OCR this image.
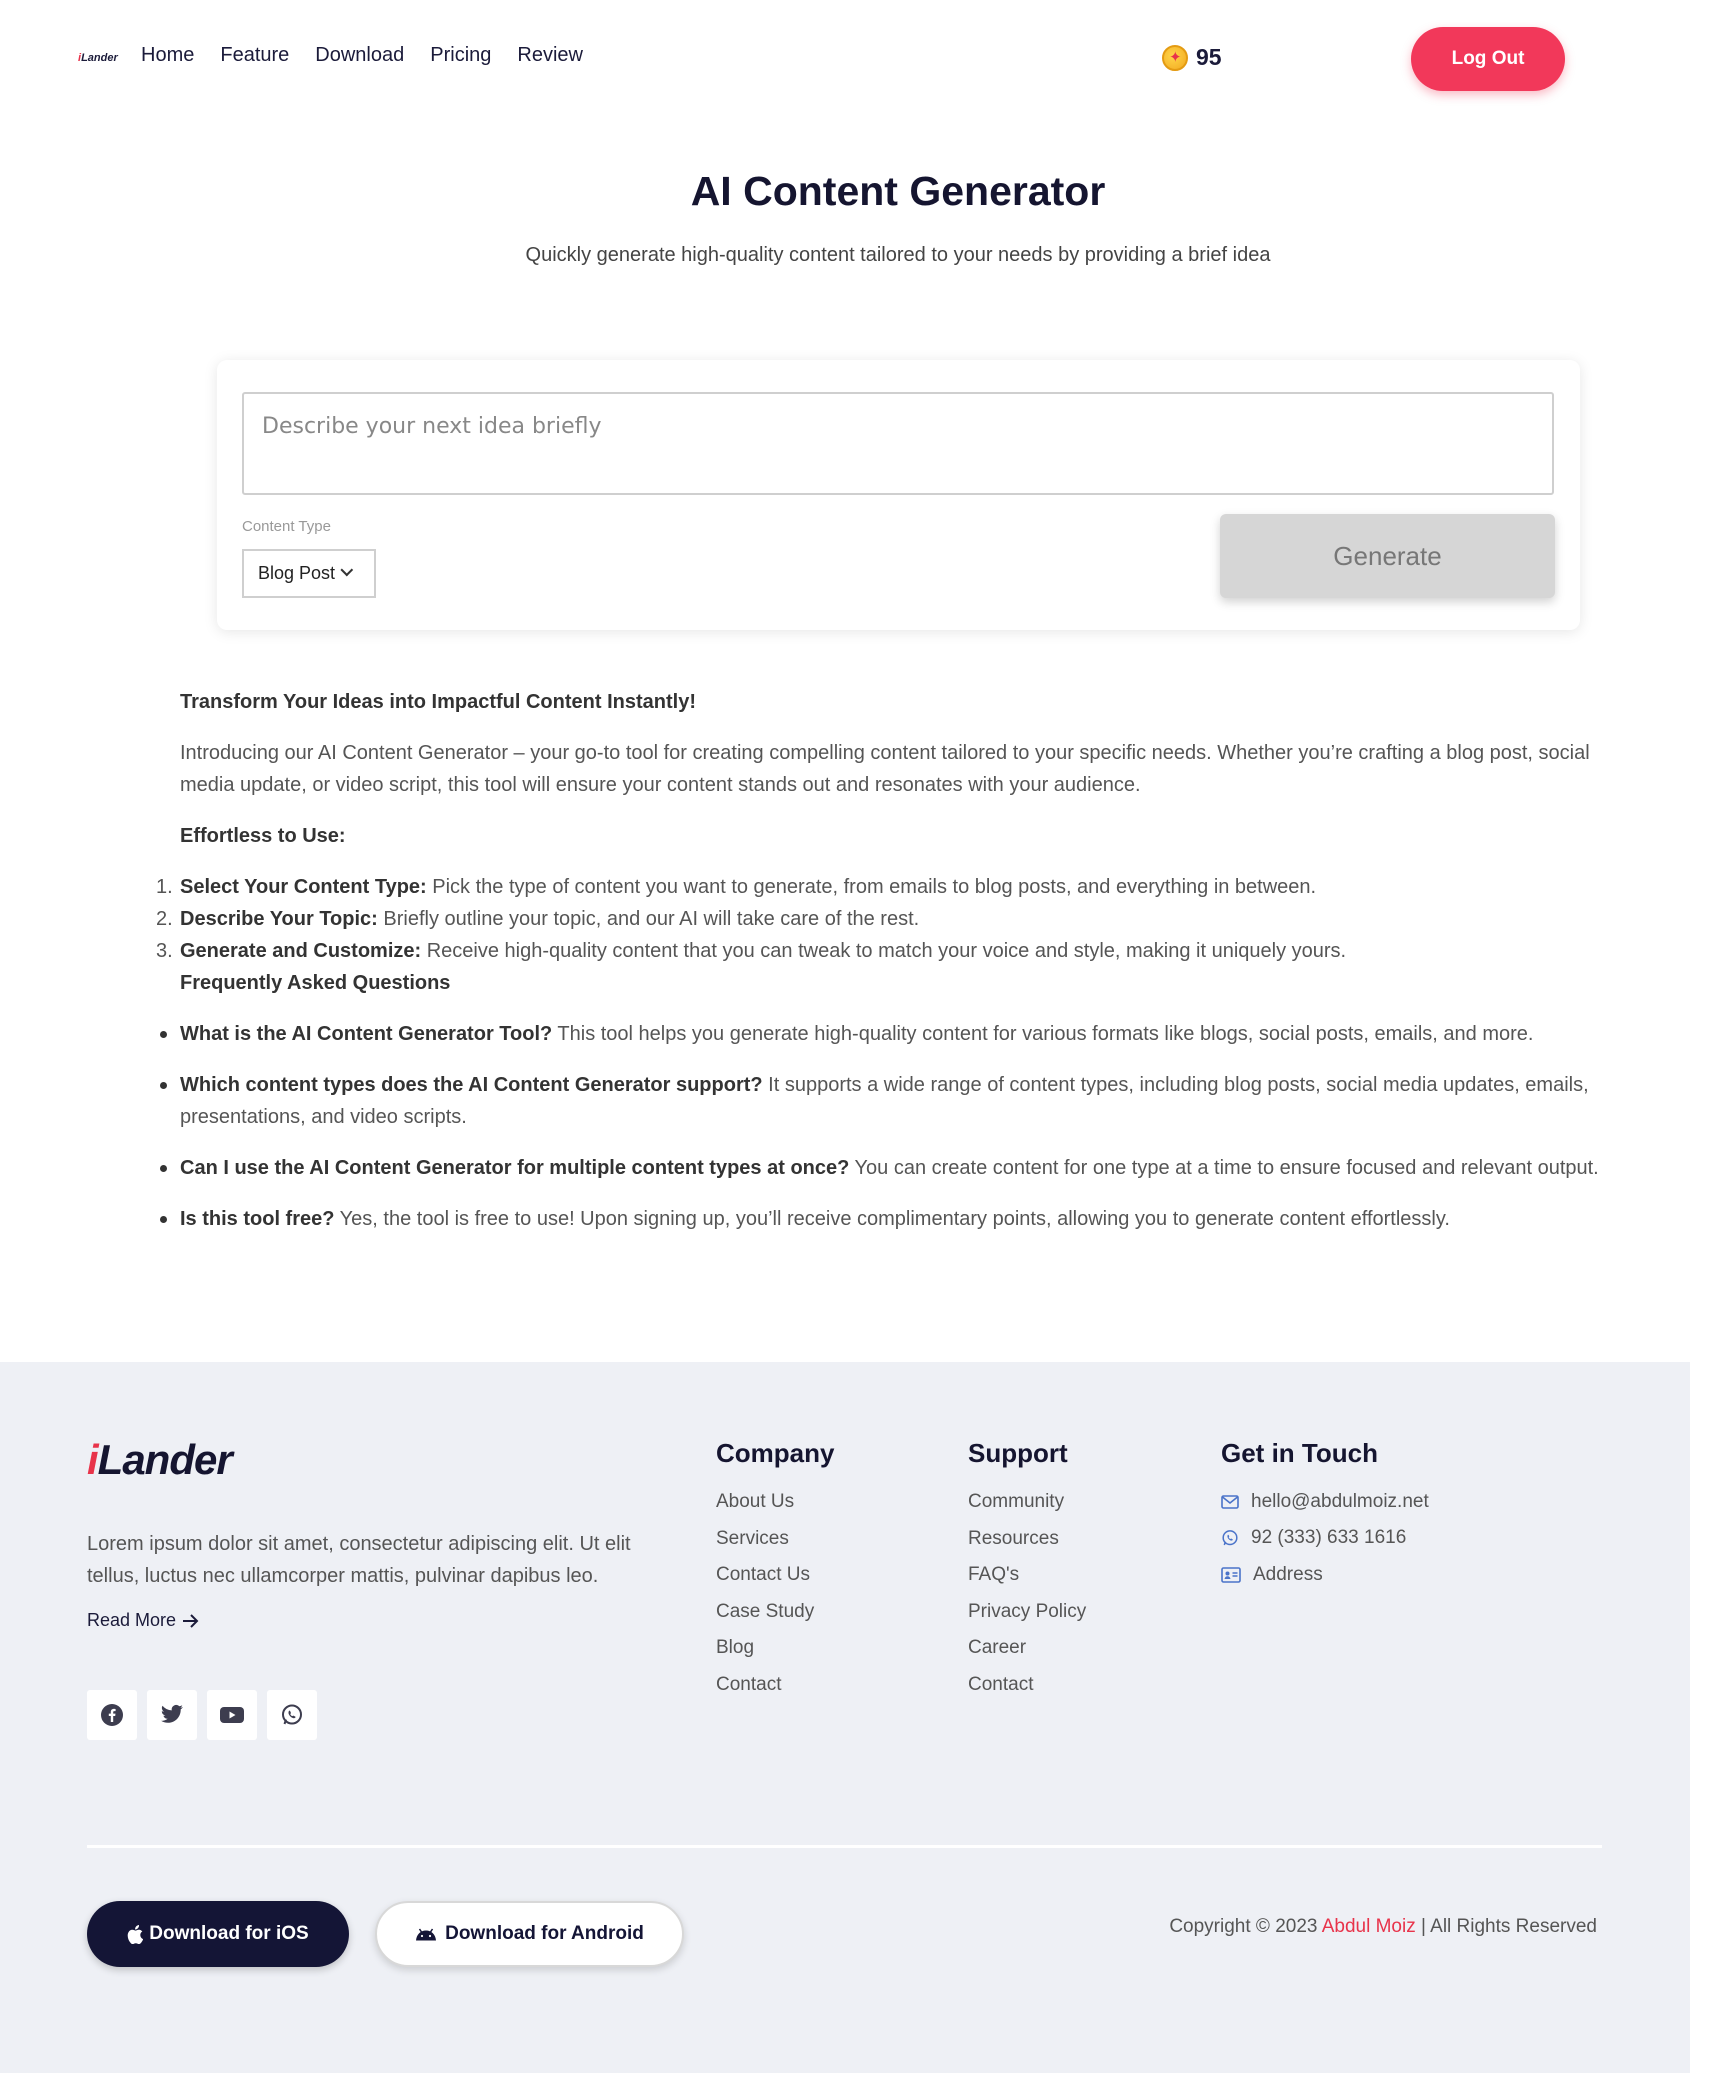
iLander Home Feature Download Pricing Review
✦	95	Log Out
AI Content Generator

Quickly generate high-quality content tailored to your needs by providing a brief idea

Describe your next idea briefly
Content Type
Blog Post
Generate
Transform Your Ideas into Impactful Content Instantly!
Introducing our AI Content Generator – your go-to tool for creating compelling content tailored to your specific needs. Whether you’re crafting a blog post, social media update, or video script, this tool will ensure your content stands out and resonates with your audience.
Effortless to Use:
1. Select Your Content Type: Pick the type of content you want to generate, from emails to blog posts, and everything in between.
2. Describe Your Topic: Briefly outline your topic, and our AI will take care of the rest.
3. Generate and Customize: Receive high-quality content that you can tweak to match your voice and style, making it uniquely yours.
Frequently Asked Questions
What is the AI Content Generator Tool? This tool helps you generate high-quality content for various formats like blogs, social posts, emails, and more.
Which content types does the AI Content Generator support? It supports a wide range of content types, including blog posts, social media updates, emails, presentations, and video scripts.
Can I use the AI Content Generator for multiple content types at once? You can create content for one type at a time to ensure focused and relevant output.
Is this tool free? Yes, the tool is free to use! Upon signing up, you’ll receive complimentary points, allowing you to generate content effortlessly.
iLander

Lorem ipsum dolor sit amet, consectetur adipiscing elit. Ut elit tellus, luctus nec ullamcorper mattis, pulvinar dapibus leo.

Read More
Company
About Us
Services
Contact Us
Case Study
Blog
Contact
Support
Community
Resources
FAQ's
Privacy Policy
Career
Contact
Get in Touch
hello@abdulmoiz.net
92 (333) 633 1616
Address
Download for iOS	Download for Android	Copyright © 2023 Abdul Moiz | All Rights Reserved
